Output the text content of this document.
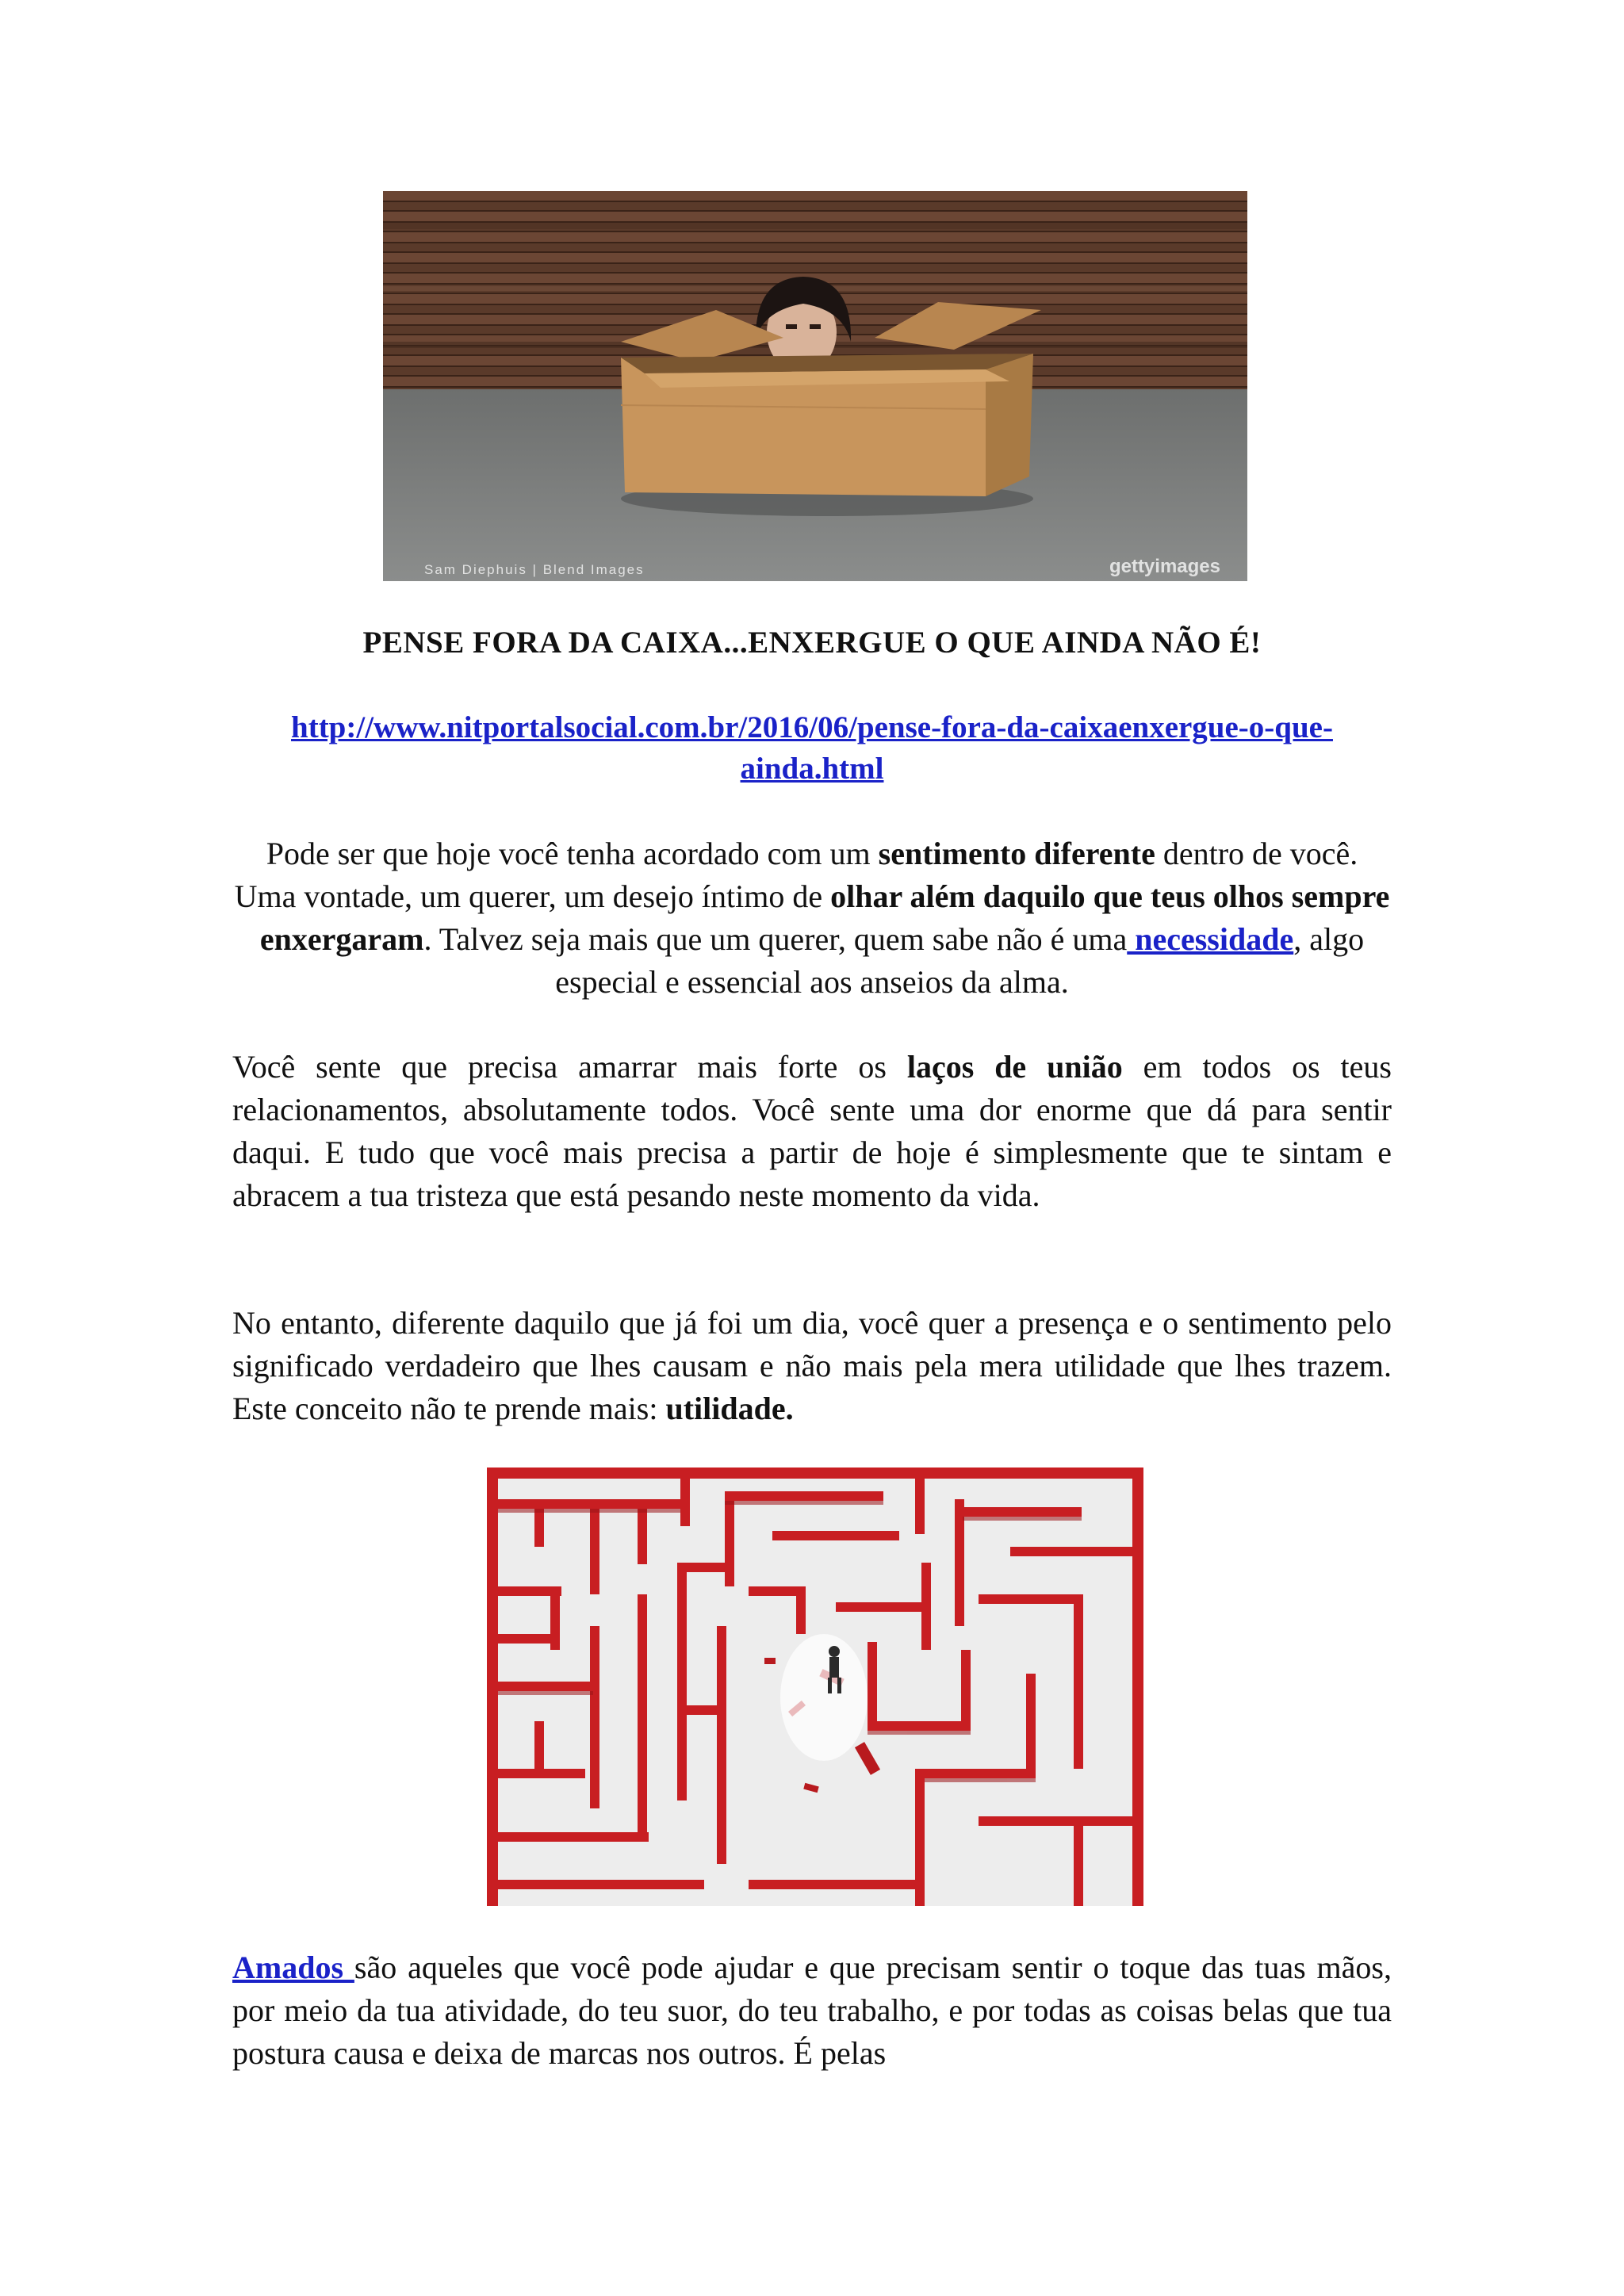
Sam Diephuis | Blend Images	gettyimages
PENSE FORA DA CAIXA...ENXERGUE O QUE AINDA NÃO É!
http://www.nitportalsocial.com.br/2016/06/pense-fora-da-caixaenxergue-o-que-ainda.html
Pode ser que hoje você tenha acordado com um sentimento diferente dentro de você. Uma vontade, um querer, um desejo íntimo de olhar além daquilo que teus olhos sempre enxergaram. Talvez seja mais que um querer, quem sabe não é uma necessidade, algo especial e essencial aos anseios da alma.
Você sente que precisa amarrar mais forte os laços de união em todos os teus relacionamentos, absolutamente todos. Você sente uma dor enorme que dá para sentir daqui. E tudo que você mais precisa a partir de hoje é simplesmente que te sintam e abracem a tua tristeza que está pesando neste momento da vida.
No entanto, diferente daquilo que já foi um dia, você quer a presença e o sentimento pelo significado verdadeiro que lhes causam e não mais pela mera utilidade que lhes trazem. Este conceito não te prende mais: utilidade.
Amados são aqueles que você pode ajudar e que precisam sentir o toque das tuas mãos, por meio da tua atividade, do teu suor, do teu trabalho, e por todas as coisas belas que tua postura causa e deixa de marcas nos outros. É pelas
